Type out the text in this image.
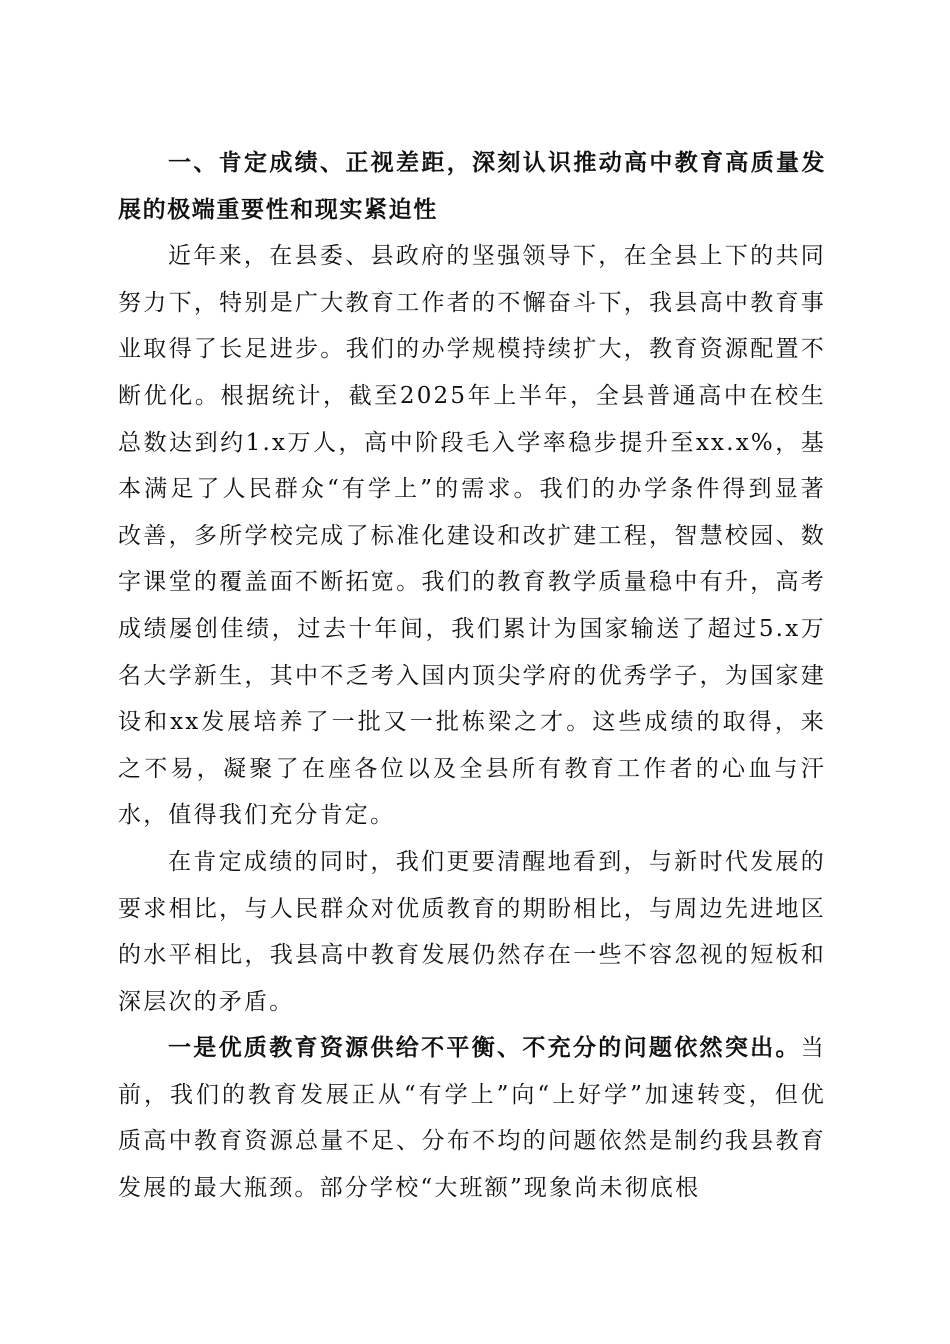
一、肯定成绩、正视差距，深刻认识推动高中教育高质量发展的极端重要性和现实紧迫性

近年来，在县委、县政府的坚强领导下，在全县上下的共同努力下，特别是广大教育工作者的不懈奋斗下，我县高中教育事业取得了长足进步。我们的办学规模持续扩大，教育资源配置不断优化。根据统计，截至2025年上半年，全县普通高中在校生总数达到约1.x万人，高中阶段毛入学率稳步提升至xx.x%，基本满足了人民群众“有学上”的需求。我们的办学条件得到显著改善，多所学校完成了标准化建设和改扩建工程，智慧校园、数字课堂的覆盖面不断拓宽。我们的教育教学质量稳中有升，高考成绩屡创佳绩，过去十年间，我们累计为国家输送了超过5.x万名大学新生，其中不乏考入国内顶尖学府的优秀学子，为国家建设和xx发展培养了一批又一批栋梁之才。这些成绩的取得，来之不易，凝聚了在座各位以及全县所有教育工作者的心血与汗水，值得我们充分肯定。

在肯定成绩的同时，我们更要清醒地看到，与新时代发展的要求相比，与人民群众对优质教育的期盼相比，与周边先进地区的水平相比，我县高中教育发展仍然存在一些不容忽视的短板和深层次的矛盾。

一是优质教育资源供给不平衡、不充分的问题依然突出。当前，我们的教育发展正从“有学上”向“上好学”加速转变，但优质高中教育资源总量不足、分布不均的问题依然是制约我县教育发展的最大瓶颈。部分学校“大班额”现象尚未彻底根
